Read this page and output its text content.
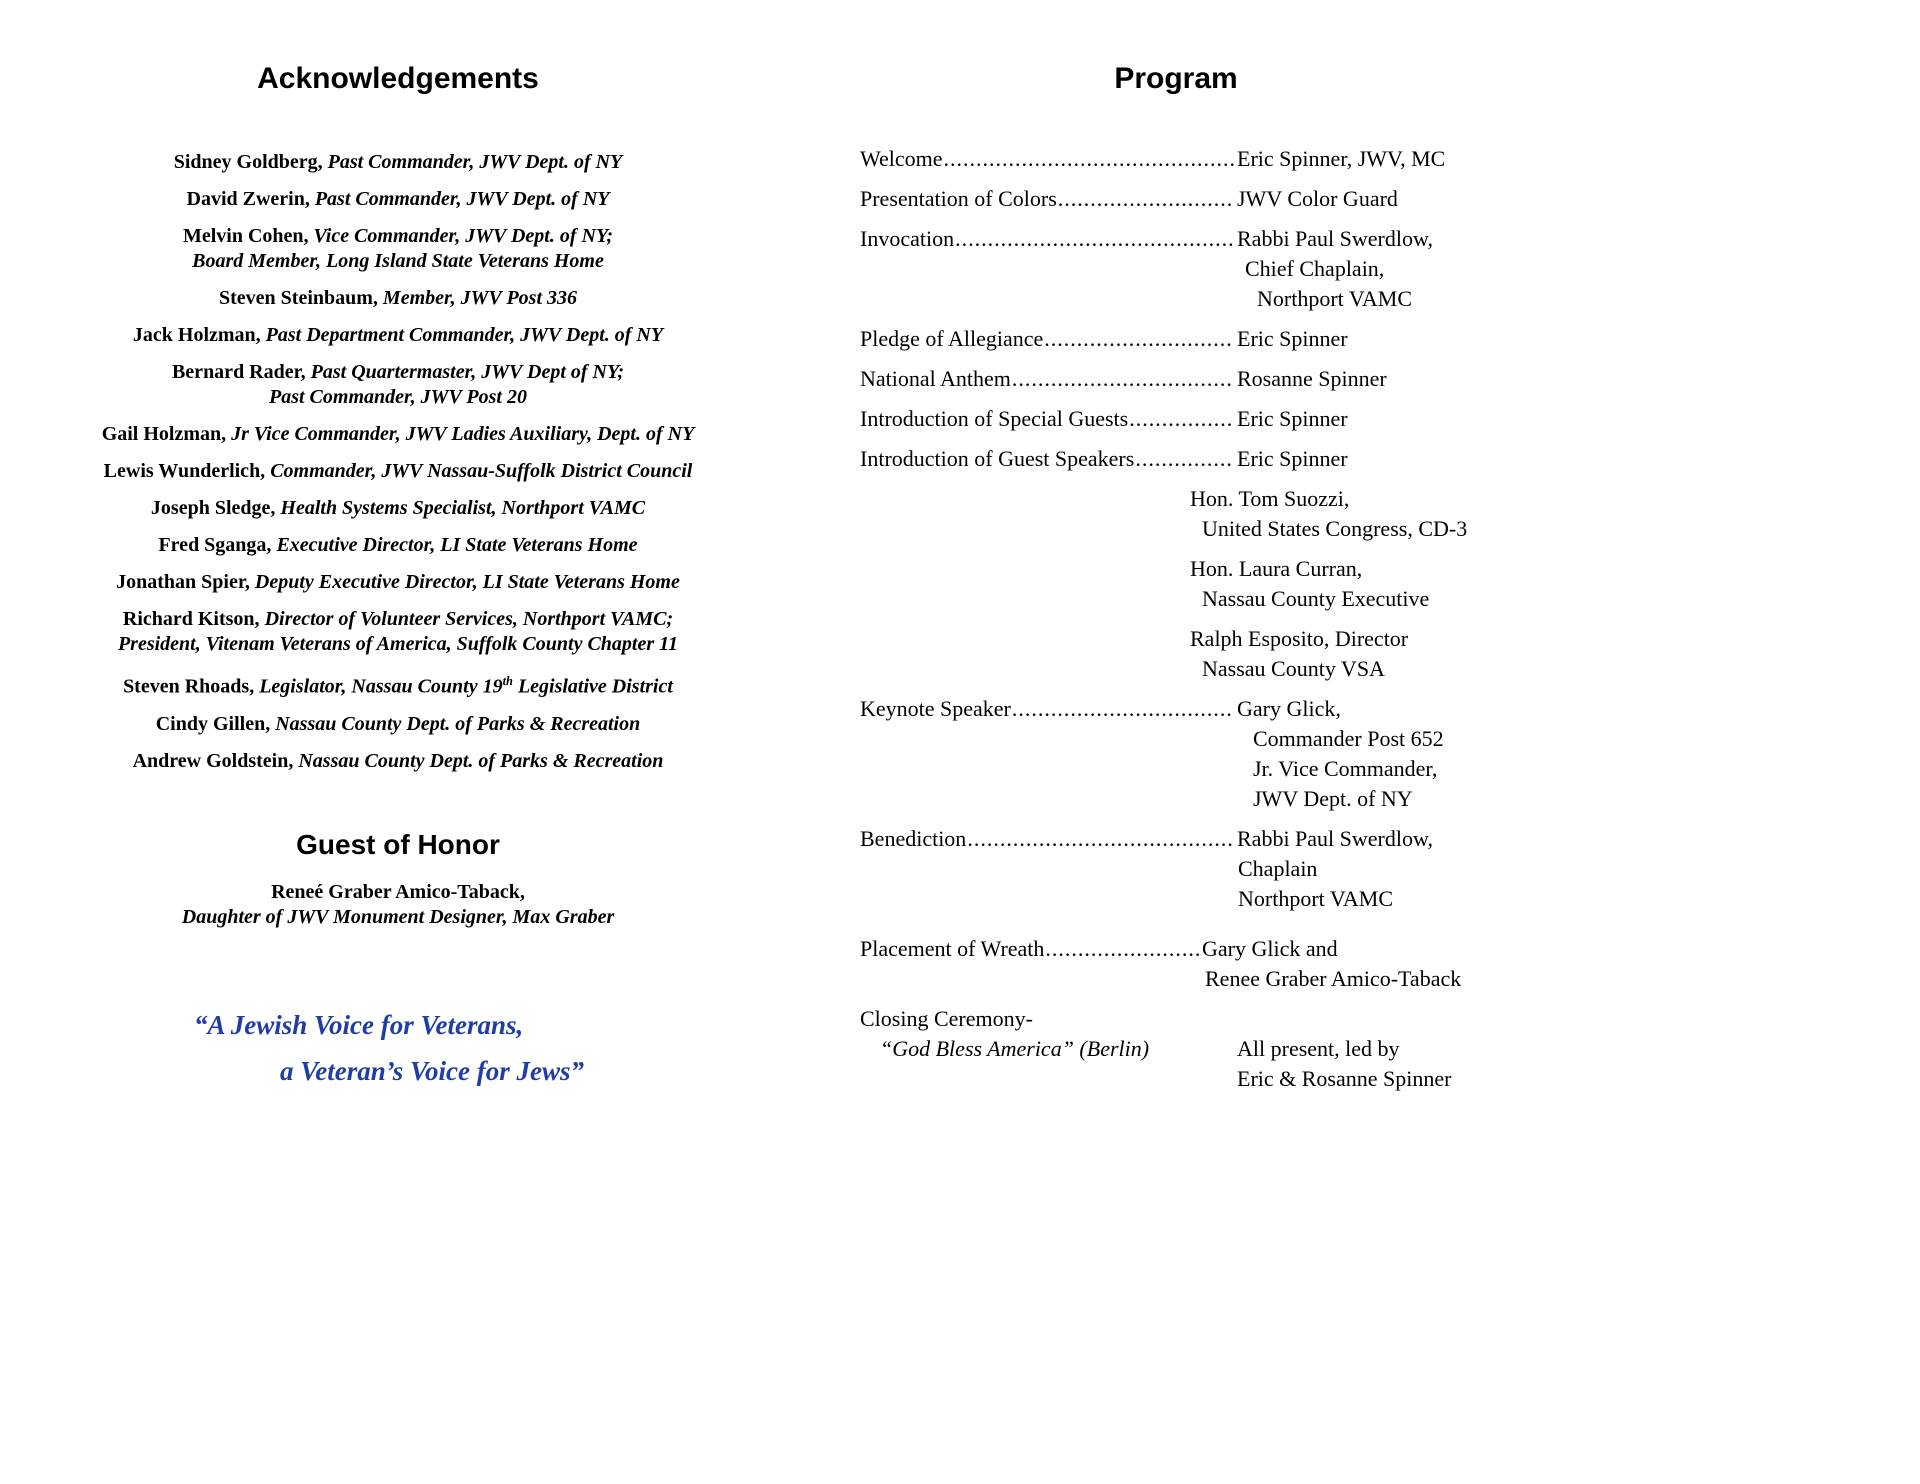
Acknowledgements
Sidney Goldberg, Past Commander, JWV Dept. of NY
David Zwerin, Past Commander, JWV Dept. of NY
Melvin Cohen, Vice Commander, JWV Dept. of NY;
Board Member, Long Island State Veterans Home
Steven Steinbaum, Member, JWV Post 336
Jack Holzman, Past Department Commander, JWV Dept. of NY
Bernard Rader, Past Quartermaster, JWV Dept of NY;
Past Commander, JWV Post 20
Gail Holzman, Jr Vice Commander, JWV Ladies Auxiliary, Dept. of NY
Lewis Wunderlich, Commander, JWV Nassau-Suffolk District Council
Joseph Sledge, Health Systems Specialist, Northport VAMC
Fred Sganga, Executive Director, LI State Veterans Home
Jonathan Spier, Deputy Executive Director, LI State Veterans Home
Richard Kitson, Director of Volunteer Services, Northport VAMC;
President, Vitenam Veterans of America, Suffolk County Chapter 11
Steven Rhoads, Legislator, Nassau County 19th Legislative District
Cindy Gillen, Nassau County Dept. of Parks & Recreation
Andrew Goldstein, Nassau County Dept. of Parks & Recreation
Guest of Honor
Reneé Graber Amico-Taback,
Daughter of JWV Monument Designer, Max Graber
“A Jewish Voice for Veterans,
a Veteran’s Voice for Jews”
Program
Welcome .....	Eric Spinner, JWV, MC
Presentation of Colors .....	JWV Color Guard
Invocation .....	Rabbi Paul Swerdlow,
Chief Chaplain,
Northport VAMC
Pledge of Allegiance .....	Eric Spinner
National Anthem .....	Rosanne Spinner
Introduction of Special Guests .....	Eric Spinner
Introduction of Guest Speakers .....	Eric Spinner
Hon. Tom Suozzi,
United States Congress, CD-3
Hon. Laura Curran,
Nassau County Executive
Ralph Esposito, Director
Nassau County VSA
Keynote Speaker .....	Gary Glick,
Commander Post 652
Jr. Vice Commander,
JWV Dept. of NY
Benediction .....	Rabbi Paul Swerdlow,
Chaplain
Northport VAMC
Placement of Wreath .....	Gary Glick and
Renee Graber Amico-Taback
Closing Ceremony-
“God Bless America” (Berlin)	All present, led by
Eric & Rosanne Spinner
